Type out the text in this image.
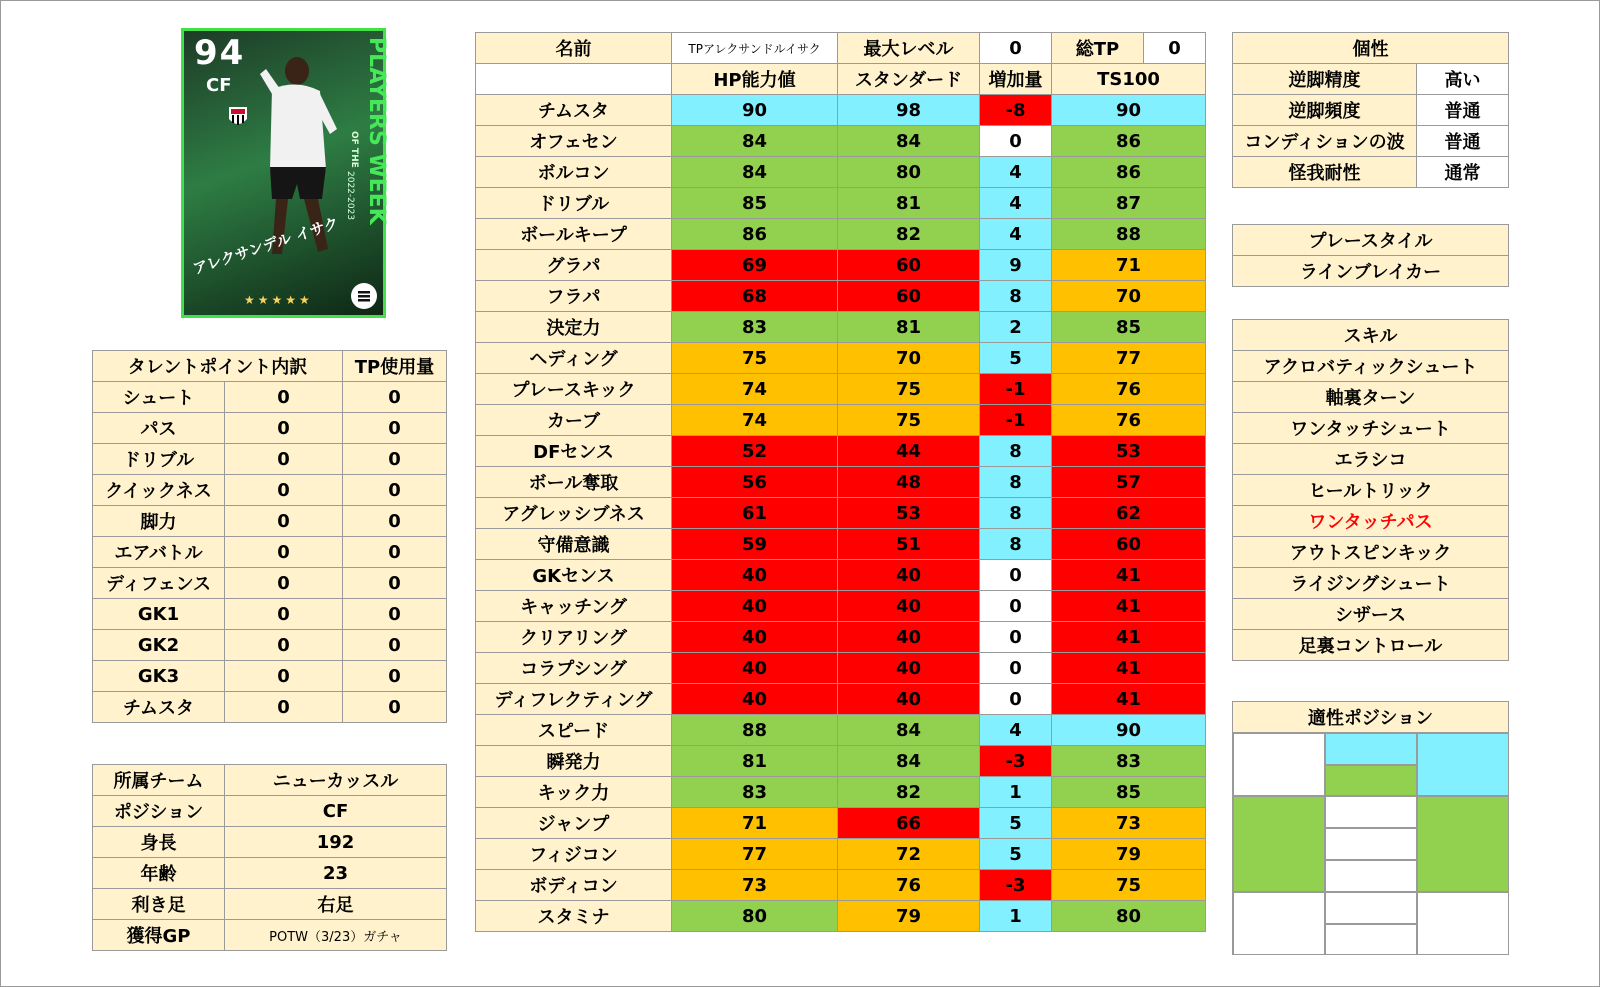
PLAYERS WEEK
OF THE
2022-2023
94
CF
アレクサンデル イサク
★★★★★
タレントポイント内訳		TP使用量
シュート	0	0
パス	0	0
ドリブル	0	0
クイックネス	0	0
脚力	0	0
エアバトル	0	0
ディフェンス	0	0
GK1	0	0
GK2	0	0
GK3	0	0
チムスタ	0	0
所属チーム	ニューカッスル
ポジション	CF
身長	192
年齢	23
利き足	右足
獲得GP	POTW（3/23）ガチャ
名前	TPアレクサンドルイサク	最大レベル	0	総TP	0
	HP能力値	スタンダード	増加量	TS100	
チムスタ	90	98	-8	90	
オフェセン	84	84	0	86	
ボルコン	84	80	4	86	
ドリブル	85	81	4	87	
ボールキープ	86	82	4	88	
グラパ	69	60	9	71	
フラパ	68	60	8	70	
決定力	83	81	2	85	
ヘディング	75	70	5	77	
プレースキック	74	75	-1	76	
カーブ	74	75	-1	76	
DFセンス	52	44	8	53	
ボール奪取	56	48	8	57	
アグレッシブネス	61	53	8	62	
守備意識	59	51	8	60	
GKセンス	40	40	0	41	
キャッチング	40	40	0	41	
クリアリング	40	40	0	41	
コラプシング	40	40	0	41	
ディフレクティング	40	40	0	41	
スピード	88	84	4	90	
瞬発力	81	84	-3	83	
キック力	83	82	1	85	
ジャンプ	71	66	5	73	
フィジコン	77	72	5	79	
ボディコン	73	76	-3	75	
スタミナ	80	79	1	80	
個性	
逆脚精度	高い
逆脚頻度	普通
コンディションの波	普通
怪我耐性	通常
プレースタイル
ラインブレイカー
スキル
アクロバティックシュート
軸裏ターン
ワンタッチシュート
エラシコ
ヒールトリック
ワンタッチパス
アウトスピンキック
ライジングシュート
シザース
足裏コントロール
適性ポジション
